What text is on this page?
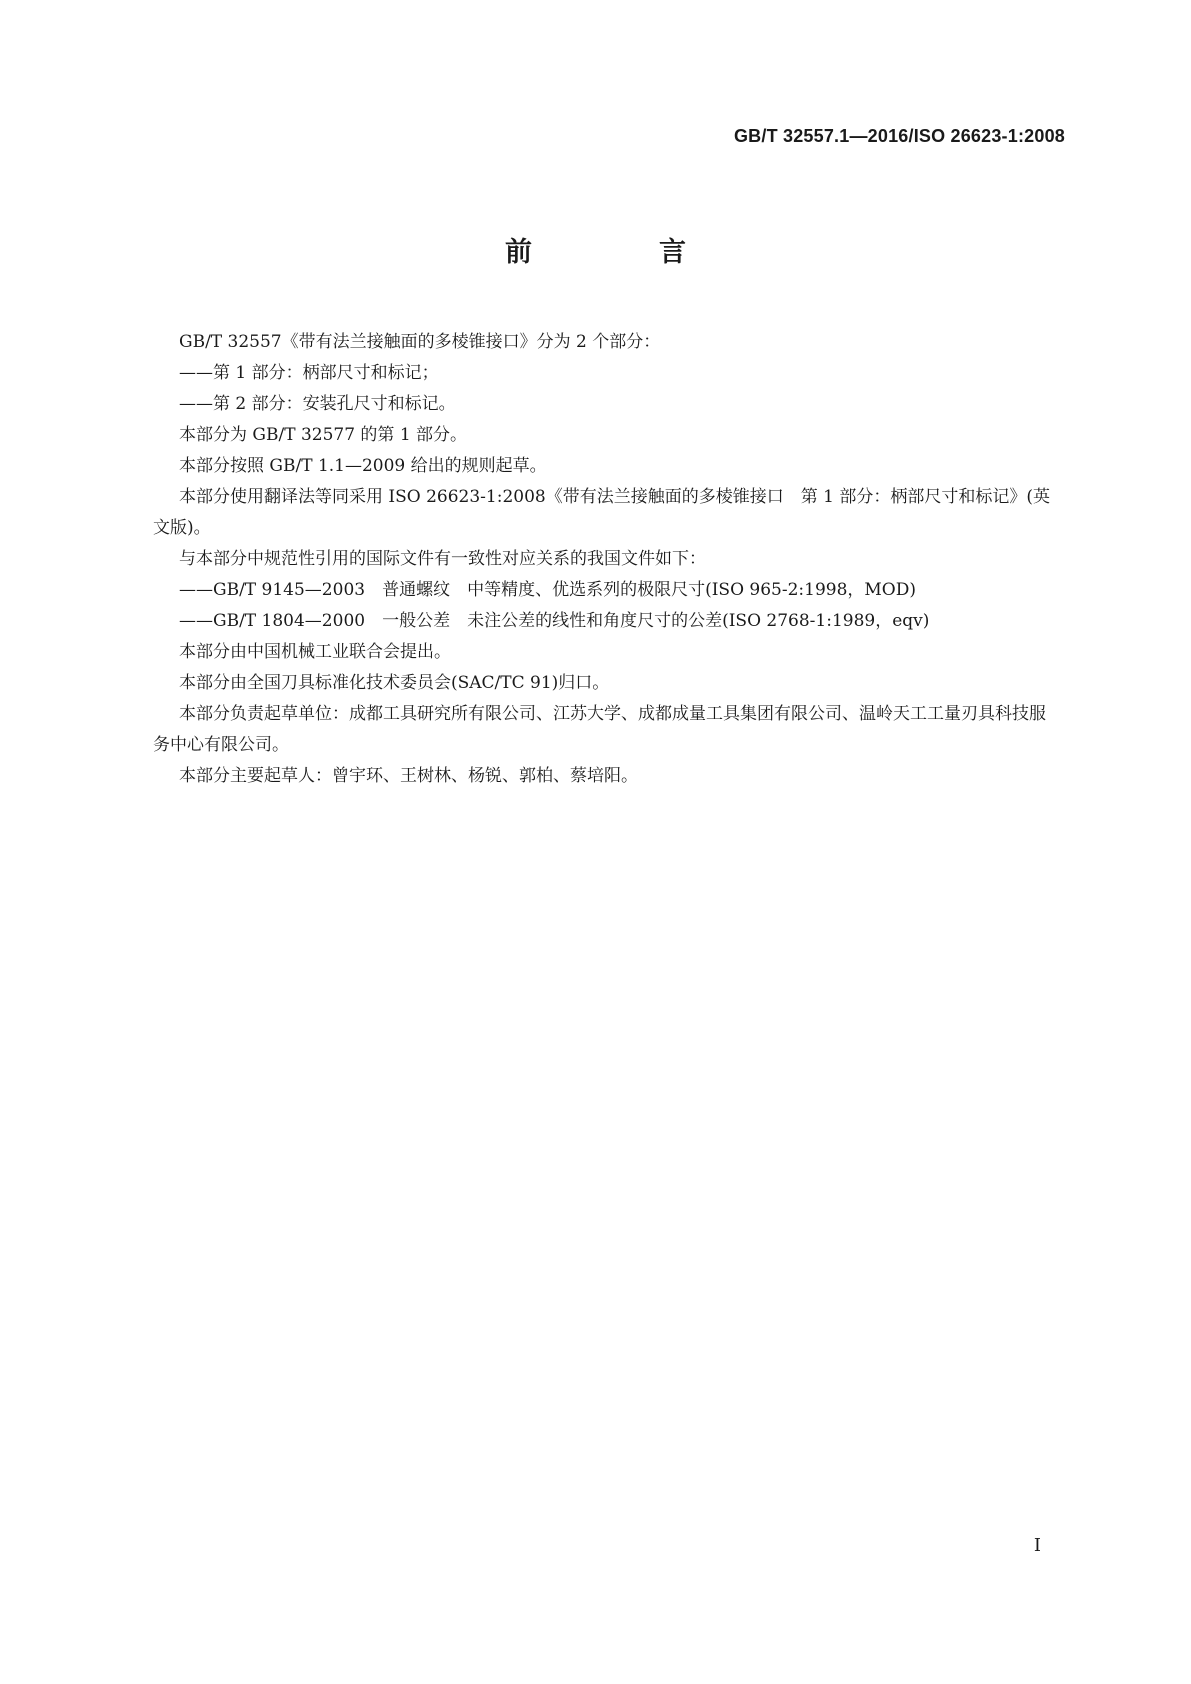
GB/T 32557.1—2016/ISO 26623-1:2008
前　言

GB/T 32557《带有法兰接触面的多棱锥接口》分为 2 个部分：

——第 1 部分：柄部尺寸和标记；

——第 2 部分：安装孔尺寸和标记。

本部分为 GB/T 32577 的第 1 部分。

本部分按照 GB/T 1.1—2009 给出的规则起草。

本部分使用翻译法等同采用 ISO 26623-1:2008《带有法兰接触面的多棱锥接口　第 1 部分：柄部尺寸和标记》(英文版)。

与本部分中规范性引用的国际文件有一致性对应关系的我国文件如下：

——GB/T 9145—2003　普通螺纹　中等精度、优选系列的极限尺寸(ISO 965-2:1998，MOD)

——GB/T 1804—2000　一般公差　未注公差的线性和角度尺寸的公差(ISO 2768-1:1989，eqv)

本部分由中国机械工业联合会提出。

本部分由全国刀具标准化技术委员会(SAC/TC 91)归口。

本部分负责起草单位：成都工具研究所有限公司、江苏大学、成都成量工具集团有限公司、温岭天工工量刃具科技服务中心有限公司。

本部分主要起草人：曾宇环、王树林、杨锐、郭柏、蔡培阳。

I
